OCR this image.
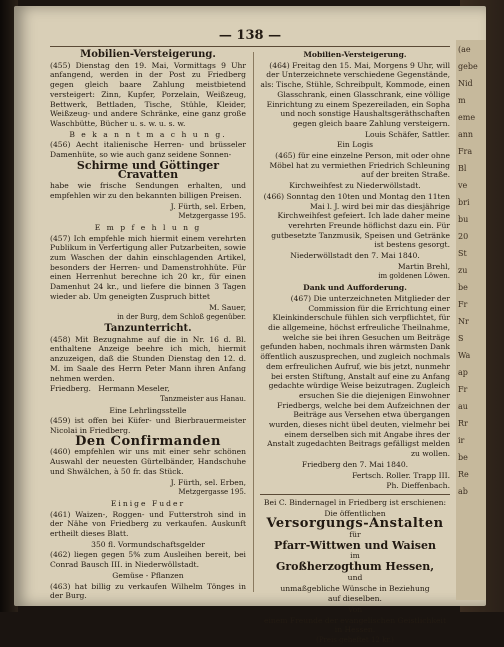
— 138 —

Mobilien-Versteigerung.

(455) Dienstag den 19. Mai, Vormittags 9 Uhr anfangend, werden in der Post zu Friedberg gegen gleich baare Zahlung meistbietend versteigert: Zinn, Kupfer, Porzelain, Weißzeug, Bettwerk, Bettladen, Tische, Stühle, Kleider, Weißzeug- und andere Schränke, eine ganz große Waschbütte, Bücher u. s. w. u. s. w.

B e k a n n t m a c h u n g.

(456) Aecht italienische Herren- und brüsseler Damenhüte, so wie auch ganz seidene Sonnen-

Schirme und Göttinger Cravatten

habe wie frische Sendungen erhalten, und empfehlen wir zu den bekannten billigen Preisen.

J. Fürth, sel. Erben,

Metzgergasse 195.

E m p f e h l u n g

(457) Ich empfehle mich hiermit einem verehrten Publikum in Verfertigung aller Putzarbeiten, sowie zum Waschen der dahin einschlagenden Artikel, besonders der Herren- und Damenstrohhüte. Für einen Herrenhut berechne ich 20 kr., für einen Damenhut 24 kr., und liefere die binnen 3 Tagen wieder ab. Um geneigten Zuspruch bittet

M. Sauer,

in der Burg, dem Schloß gegenüber.

Tanzunterricht.

(458) Mit Bezugnahme auf die in Nr. 16 d. Bl. enthaltene Anzeige beehre ich mich, hiermit anzuzeigen, daß die Stunden Dienstag den 12. d. M. im Saale des Herrn Peter Mann ihren Anfang nehmen werden.

Friedberg. Hermann Meseler,

Tanzmeister aus Hanau.

Eine Lehrlingsstelle

(459) ist offen bei Küfer- und Bierbrauermeister Nicolai in Friedberg.

Den Confirmanden

(460) empfehlen wir uns mit einer sehr schönen Auswahl der neuesten Gürtelbänder, Handschuhe und Shwälchen, à 50 fr. das Stück.

J. Fürth, sel. Erben,

Metzgergasse 195.

Einige Fuder

(461) Waizen-, Roggen- und Futterstroh sind in der Nähe von Friedberg zu verkaufen. Auskunft ertheilt dieses Blatt.

350 fl. Vormundschaftsgelder

(462) liegen gegen 5% zum Ausleihen bereit, bei Conrad Bausch III. in Niederwöllstadt.

Gemüse - Pflanzen

(463) hat billig zu verkaufen Wilhelm Tönges in der Burg.

Mobilien-Versteigerung.

(464) Freitag den 15. Mai, Morgens 9 Uhr, will der Unterzeichnete verschiedene Gegenstände, als: Tische, Stühle, Schreibpult, Kommode, einen Glasschrank, einen Glasschrank, eine völlige Einrichtung zu einem Spezereiladen, ein Sopha und noch sonstige Haushaltsgeräthschaften gegen gleich baare Zahlung versteigern.

Louis Schäfer, Sattler.

Ein Logis

(465) für eine einzelne Person, mit oder ohne Möbel hat zu vermiethen Friedrich Schleuning auf der breiten Straße.

Kirchweihfest zu Niederwöllstadt.

(466) Sonntag den 10ten und Montag den 11ten Mai l. J. wird bei mir das diesjährige Kirchweihfest gefeiert. Ich lade daher meine verehrten Freunde höflichst dazu ein. Für gutbesetzte Tanzmusik, Speisen und Getränke ist bestens gesorgt.

Niederwöllstadt den 7. Mai 1840.

Martin Brehl,

im goldenen Löwen.

Dank und Aufforderung.

(467) Die unterzeichneten Mitglieder der Commission für die Errichtung einer Kleinkinderschule fühlen sich verpflichtet, für die allgemeine, höchst erfreuliche Theilnahme, welche sie bei ihren Gesuchen um Beiträge gefunden haben, nochmals ihren wärmsten Dank öffentlich auszusprechen, und zugleich nochmals dem erfreulichen Aufruf, wie bis jetzt, nunmehr bei ersten Stiftung, Anstalt auf eine zu Anfang gedachte würdige Weise beizutragen. Zugleich ersuchen Sie die diejenigen Einwohner Friedbergs, welche bei dem Aufzeichnen der Beiträge aus Versehen etwa übergangen wurden, dieses nicht übel deuten, vielmehr bei einem derselben sich mit Angabe ihres der Anstalt zugedachten Beitrags gefälligst melden zu wollen.

Friedberg den 7. Mai 1840.

Fertsch. Roller. Trapp III.

Ph. Dieffenbach.

Bei C. Bindernagel in Friedberg ist erschienen:

Die öffentlichen

Versorgungs-Anstalten

für

Pfarr-Wittwen und Waisen

im

Großherzogthum Hessen,

und

unmaßgebliche Wünsche in Beziehung

auf dieselben.

Von

einem Freunde der evangelischen Geistlichkeit in Hessen.

(Preis geheftet 12 kr.)

(ae
gebe
Nid
m
eme
ann
Fra
Bl
ve
bri
bu
20
St
zu
be
Fr
Nr
S
Wa
ap
Fr
au
Rr
ir
be
Re
ab
